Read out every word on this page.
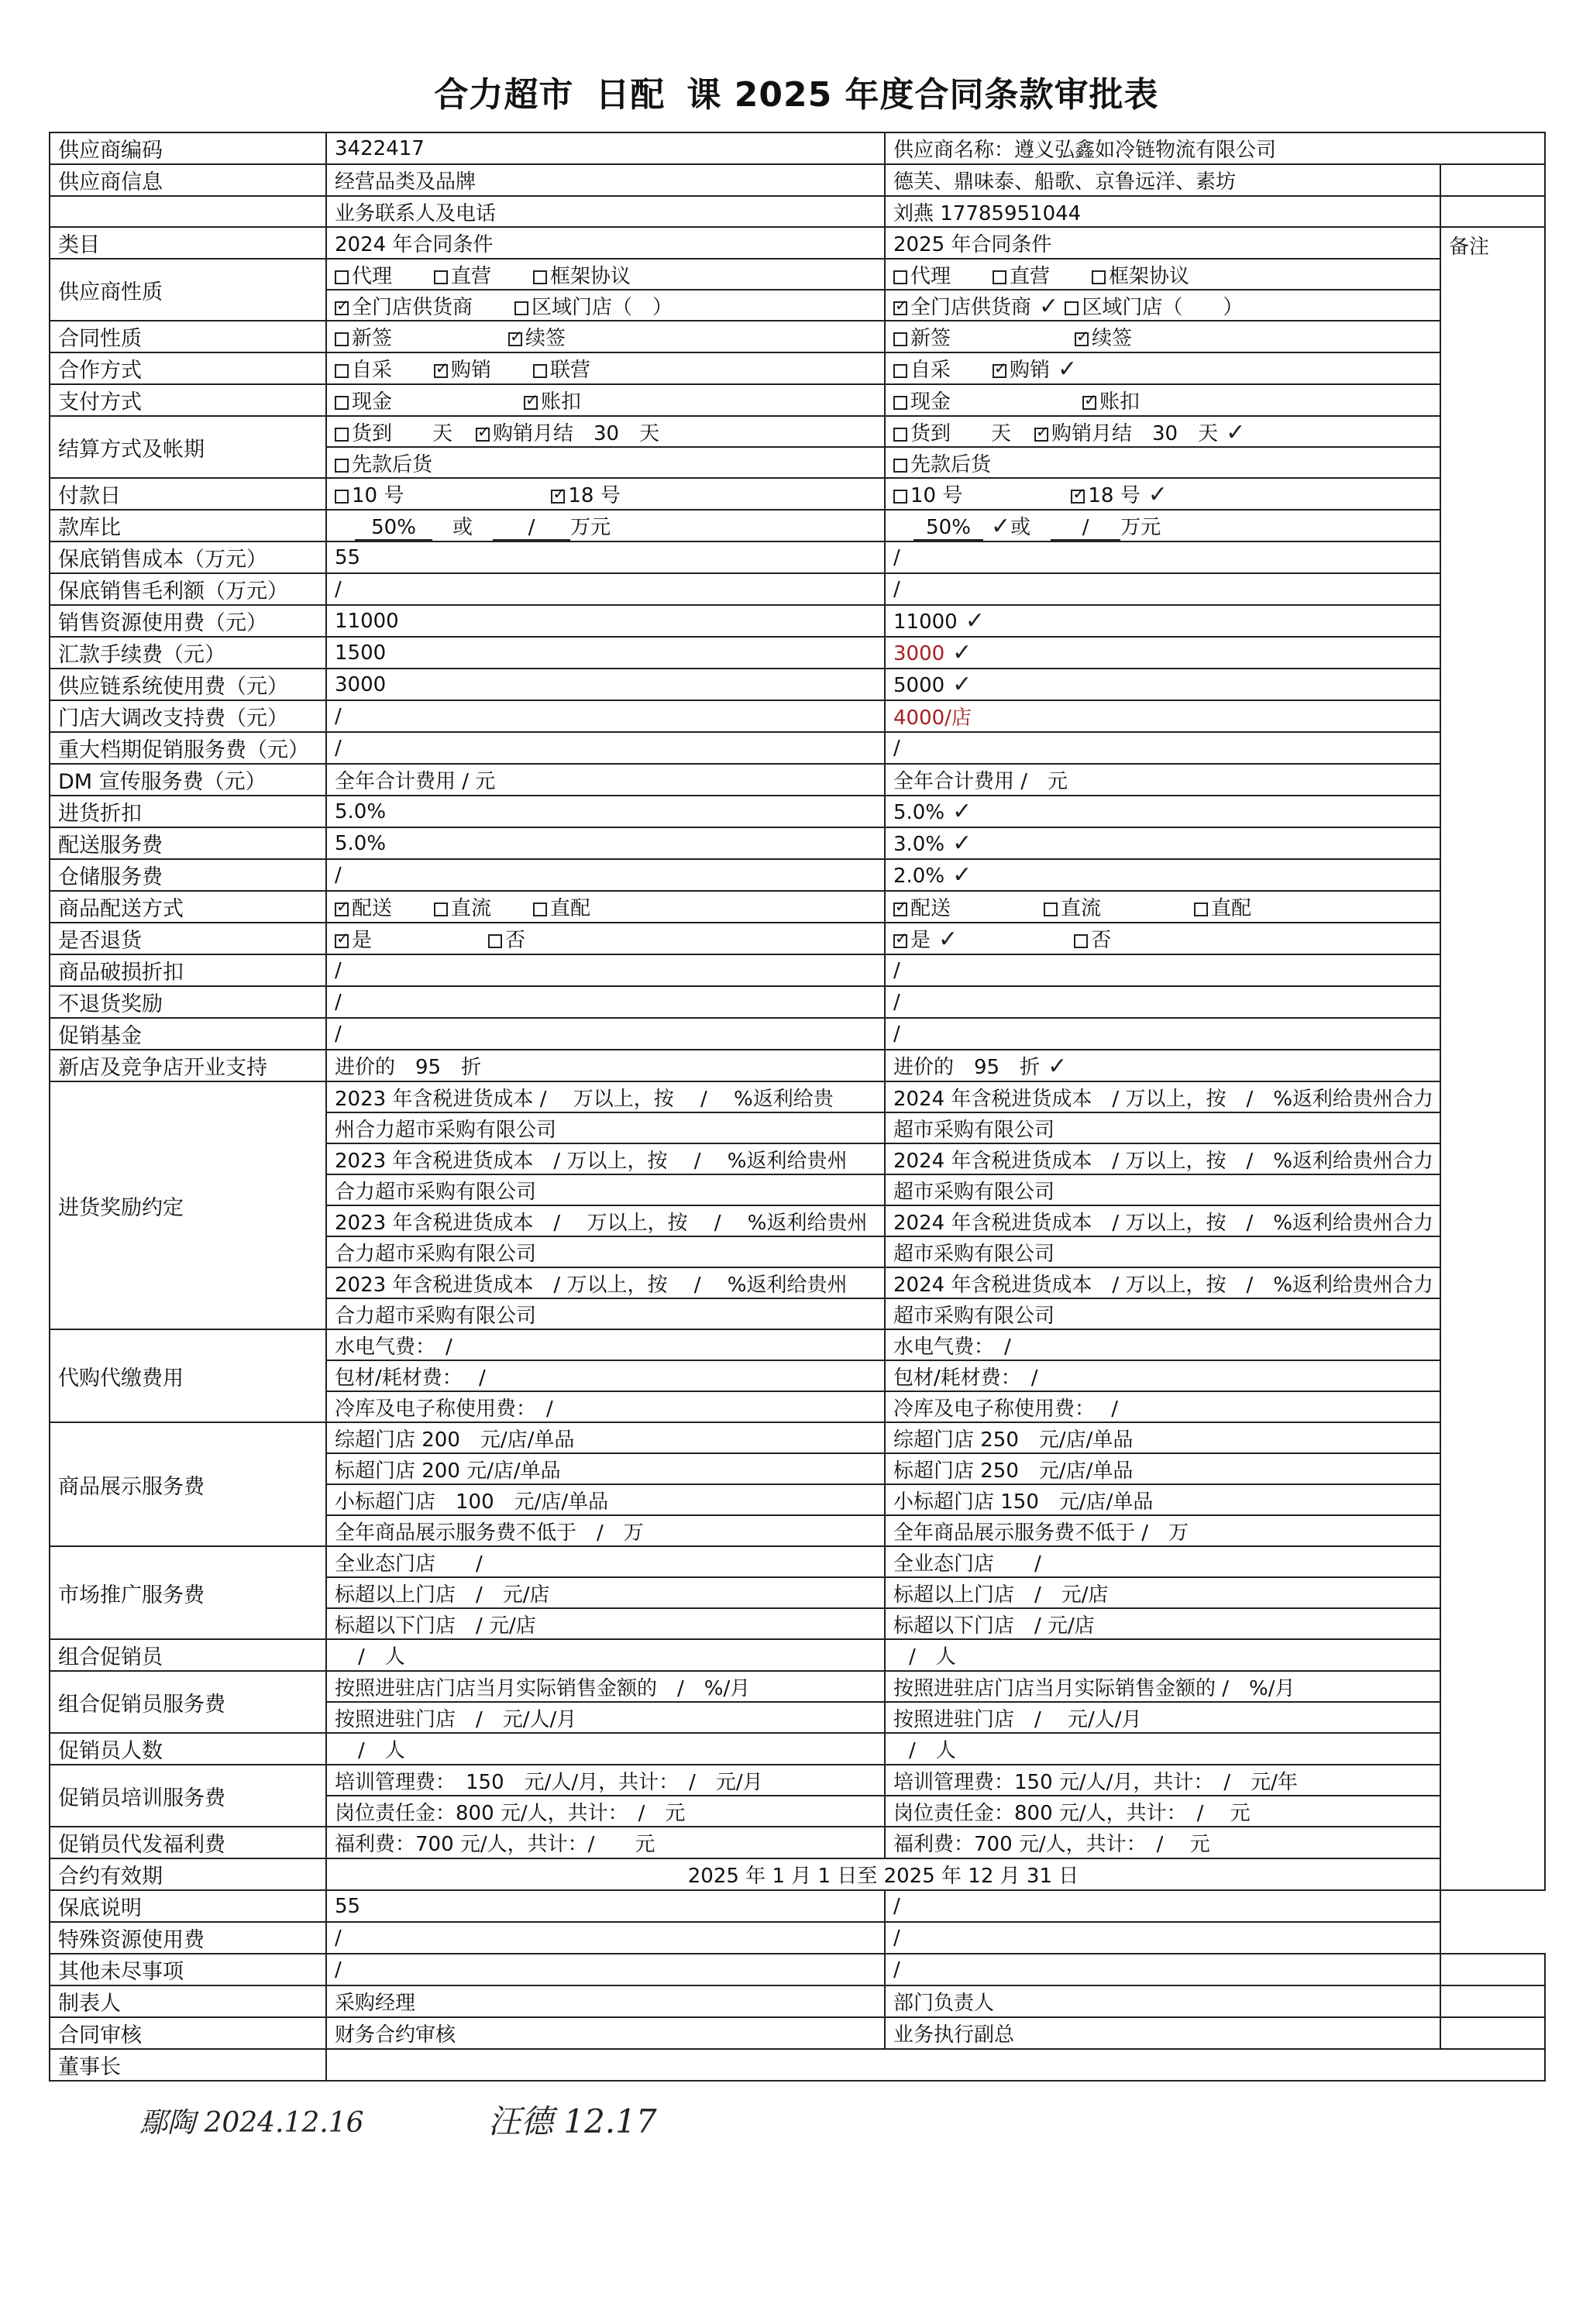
合力超市 日配 课 2025 年度合同条款审批表
供应商编码	3422417	供应商名称：遵义弘鑫如冷链物流有限公司	
供应商信息	经营品类及品牌	德芙、鼎味泰、船歌、京鲁远洋、素坊	
	业务联系人及电话	刘燕 17785951044	
类目	2024 年合同条件	2025 年合同条件	备注
供应商性质	代理 直营 框架协议	代理 直营 框架协议	
✓全门店供货商 区域门店（　）	✓全门店供货商 ✓ 区域门店（　　）
合同性质	新签 ✓ 续签	新签 ✓ 续签
合作方式	自采 ✓ 购销 联营	自采 ✓ 购销 ✓
支付方式	现金 ✓ 账扣	现金 ✓ 账扣
结算方式及帐期	货到　　天 ✓ 购销月结　30　天	货到　　天 ✓ 购销月结　30　天 ✓
	先款后货	先款后货	
付款日	10 号 ✓ 18 号	10 号 ✓ 18 号 ✓
款库比	　50%　 或　 / 万元	　50% ✓或　 / 万元	
保底销售成本（万元）	55	/	
保底销售毛利额（万元）	/	/	
销售资源使用费（元）	11000	11000 ✓	
汇款手续费（元）	1500	3000 ✓	
供应链系统使用费（元）	3000	5000 ✓	
门店大调改支持费（元）	/	4000/店	
重大档期促销服务费（元）	/	/	
DM 宣传服务费（元）	全年合计费用 / 元	全年合计费用 /　元	
进货折扣	5.0%	5.0% ✓	
配送服务费	5.0%	3.0% ✓	
仓储服务费	/	2.0% ✓	
商品配送方式	✓配送 直流 直配	✓配送 直流 直配
是否退货	✓是 否	✓是 ✓ 否
商品破损折扣	/	/	
不退货奖励	/	/	
促销基金	/	/	
新店及竞争店开业支持	进价的　95　折	进价的　95　折 ✓	
进货奖励约定	2023 年含税进货成本 /　 万以上，按　 / 　%返利给贵	2024 年含税进货成本　/ 万以上，按　/　%返利给贵州合力	
	州合力超市采购有限公司	超市采购有限公司	
	2023 年含税进货成本　/ 万以上，按　 /　 %返利给贵州	2024 年含税进货成本　/ 万以上，按　/　%返利给贵州合力	
	合力超市采购有限公司	超市采购有限公司	
	2023 年含税进货成本　/　 万以上，按　 /　 %返利给贵州	2024 年含税进货成本　/ 万以上，按　/　%返利给贵州合力	
	合力超市采购有限公司	超市采购有限公司	
	2023 年含税进货成本　/ 万以上，按　 /　 %返利给贵州	2024 年含税进货成本　/ 万以上，按　/　%返利给贵州合力	
	合力超市采购有限公司	超市采购有限公司	
代购代缴费用	水电气费：　/	水电气费：　/	
	包材/耗材费：　 /	包材/耗材费：　/	
	冷库及电子称使用费：　/	冷库及电子称使用费：　 /	
商品展示服务费	综超门店 200　元/店/单品	综超门店 250　元/店/单品	
	标超门店 200 元/店/单品	标超门店 250　元/店/单品	
	小标超门店　100　元/店/单品	小标超门店 150　元/店/单品	
	全年商品展示服务费不低于　/　万	全年商品展示服务费不低于 /　万	
市场推广服务费	全业态门店　　/	全业态门店　　/	
	标超以上门店　/　元/店	标超以上门店　/　元/店	
	标超以下门店　/ 元/店	标超以下门店　/ 元/店	
组合促销员	/　人	/　人	
组合促销员服务费	按照进驻店门店当月实际销售金额的　/　%/月	按照进驻店门店当月实际销售金额的 /　%/月	
	按照进驻门店　/　元/人/月	按照进驻门店　/　 元/人/月	
促销员人数	/　人	/　人	
促销员培训服务费	培训管理费：　150　元/人/月，共计：　/　元/月	培训管理费：150 元/人/月，共计：　/　元/年	
	岗位责任金：800 元/人，共计：　/　元	岗位责任金：800 元/人，共计：　/　 元	
促销员代发福利费	福利费：700 元/人，共计：/　　元	福利费：700 元/人，共计：　/　 元	
合约有效期	2025 年 1 月 1 日至 2025 年 12 月 31 日		
保底说明	55	/	
特殊资源使用费	/	/	
其他未尽事项	/	/	
制表人	采购经理	部门负责人	
合同审核	财务合约审核	业务执行副总	
董事长			
鄢陶 2024.12.16	汪德 12.17
